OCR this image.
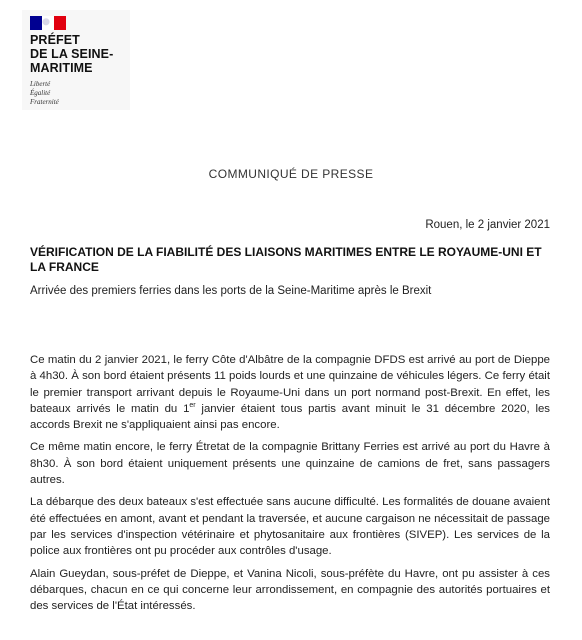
PRÉFET
DE LA SEINE-
MARITIME
Liberté
Égalité
Fraternité
COMMUNIQUÉ DE PRESSE
Rouen, le 2 janvier 2021
VÉRIFICATION DE LA FIABILITÉ DES LIAISONS MARITIMES ENTRE LE ROYAUME-UNI ET LA FRANCE
Arrivée des premiers ferries dans les ports de la Seine-Maritime après le Brexit

Ce matin du 2 janvier 2021, le ferry Côte d'Albâtre de la compagnie DFDS est arrivé au port de Dieppe à 4h30. À son bord étaient présents 11 poids lourds et une quinzaine de véhicules légers. Ce ferry était le premier transport arrivant depuis le Royaume-Uni dans un port normand post-Brexit. En effet, les bateaux arrivés le matin du 1er janvier étaient tous partis avant minuit le 31 décembre 2020, les accords Brexit ne s'appliquaient ainsi pas encore.

Ce même matin encore, le ferry Étretat de la compagnie Brittany Ferries est arrivé au port du Havre à 8h30. À son bord étaient uniquement présents une quinzaine de camions de fret, sans passagers autres.

La débarque des deux bateaux s'est effectuée sans aucune difficulté. Les formalités de douane avaient été effectuées en amont, avant et pendant la traversée, et aucune cargaison ne nécessitait de passage par les services d'inspection vétérinaire et phytosanitaire aux frontières (SIVEP). Les services de la police aux frontières ont pu procéder aux contrôles d'usage.

Alain Gueydan, sous-préfet de Dieppe, et Vanina Nicoli, sous-préfète du Havre, ont pu assister à ces débarques, chacun en ce qui concerne leur arrondissement, en compagnie des autorités portuaires et des services de l'État intéressés.
